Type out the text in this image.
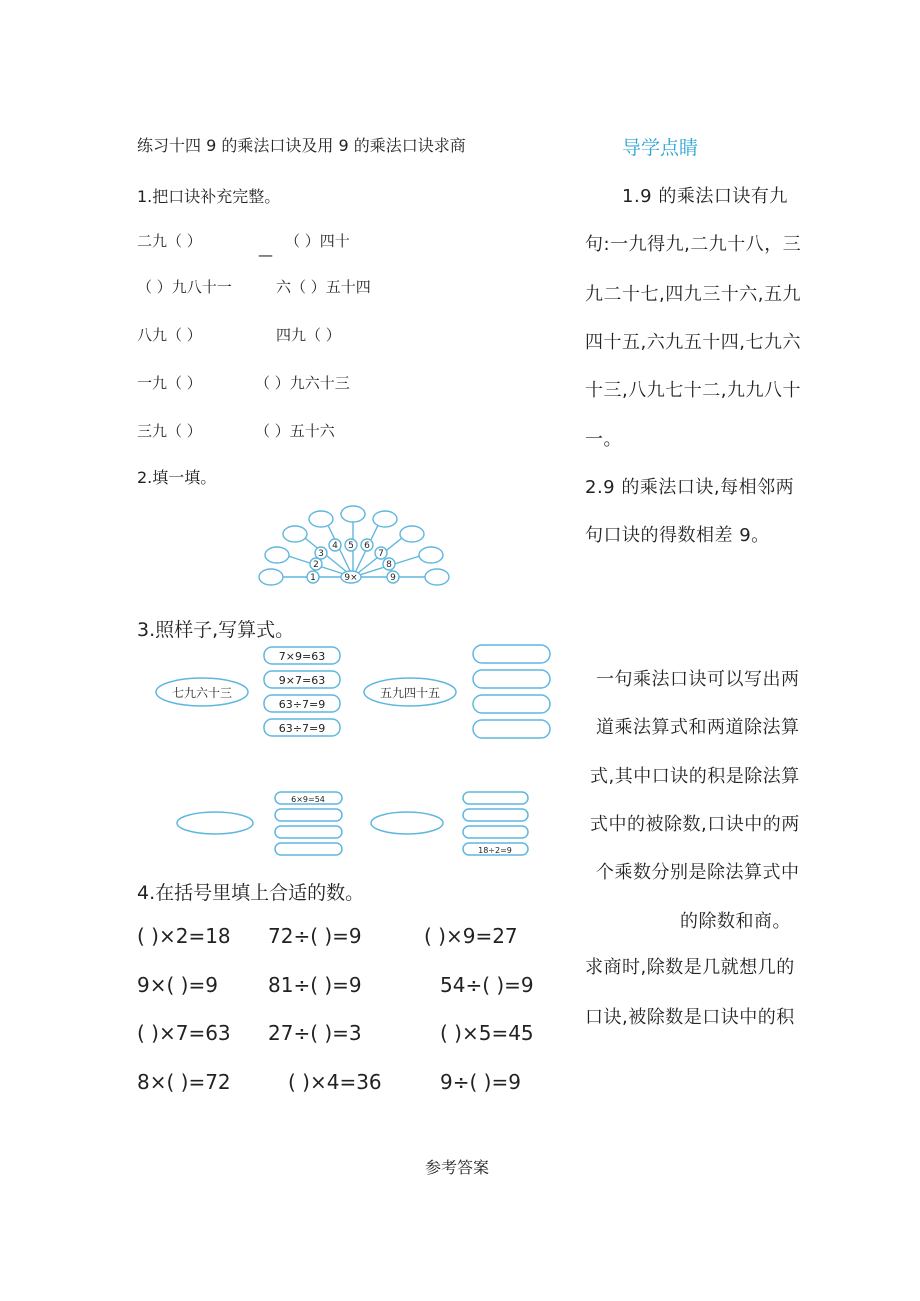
练习十四 9 的乘法口诀及用 9 的乘法口诀求商	导学点睛
1.9 的乘法口诀有九
句:一九得九,二九十八，三
九二十七,四九三十六,五九
四十五,六九五十四,七九六
十三,八九七十二,九九八十
一。
2.9 的乘法口诀,每相邻两
句口诀的得数相差 9。
一句乘法口诀可以写出两
道乘法算式和两道除法算
式,其中口诀的积是除法算
式中的被除数,口诀中的两
个乘数分别是除法算式中
的除数和商。
求商时,除数是几就想几的
口诀,被除数是口诀中的积
1.把口诀补充完整。
二九（ ）	（ ）四十
—
（ ）九八十一	六（ ）五十四
八九（ ）	四九（ ）
一九（ ）	（ ）九六十三
三九（ ）	（ ）五十六
2.填一填。
1
2
3
4 5 6
7
8
9
9×
3.照样子,写算式。
七九六十三
7×9=63
9×7=63
63÷7=9
63÷7=9
五九四十五
6×9=54
18÷2=9
4.在括号里填上合适的数。
( )×2=18 72÷( )=9	( )×9=27
9×( )=9	81÷( )=9	54÷( )=9
( )×7=63 27÷( )=3	( )×5=45
8×( )=72	( )×4=36	9÷( )=9
参考答案
